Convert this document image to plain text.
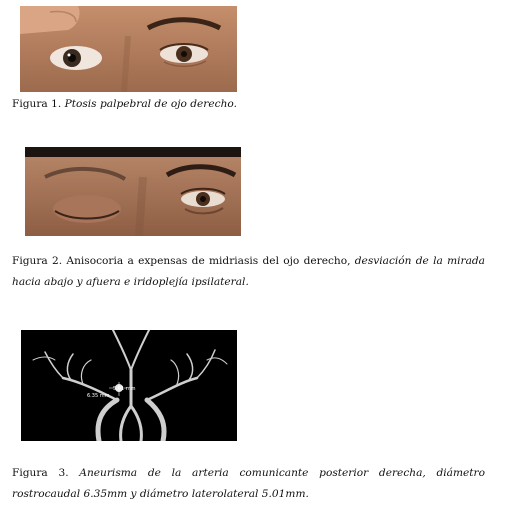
Figura 1. Ptosis palpebral de ojo derecho.

Figura 2. Anisocoria a expensas de midriasis del ojo derecho, desviación de la mirada hacia abajo y afuera e iridoplejía ipsilateral.

5.01 mm
6.35 mm

Figura 3. Aneurisma de la arteria comunicante posterior derecha, diámetro rostrocaudal 6.35mm y diámetro laterolateral 5.01mm.
